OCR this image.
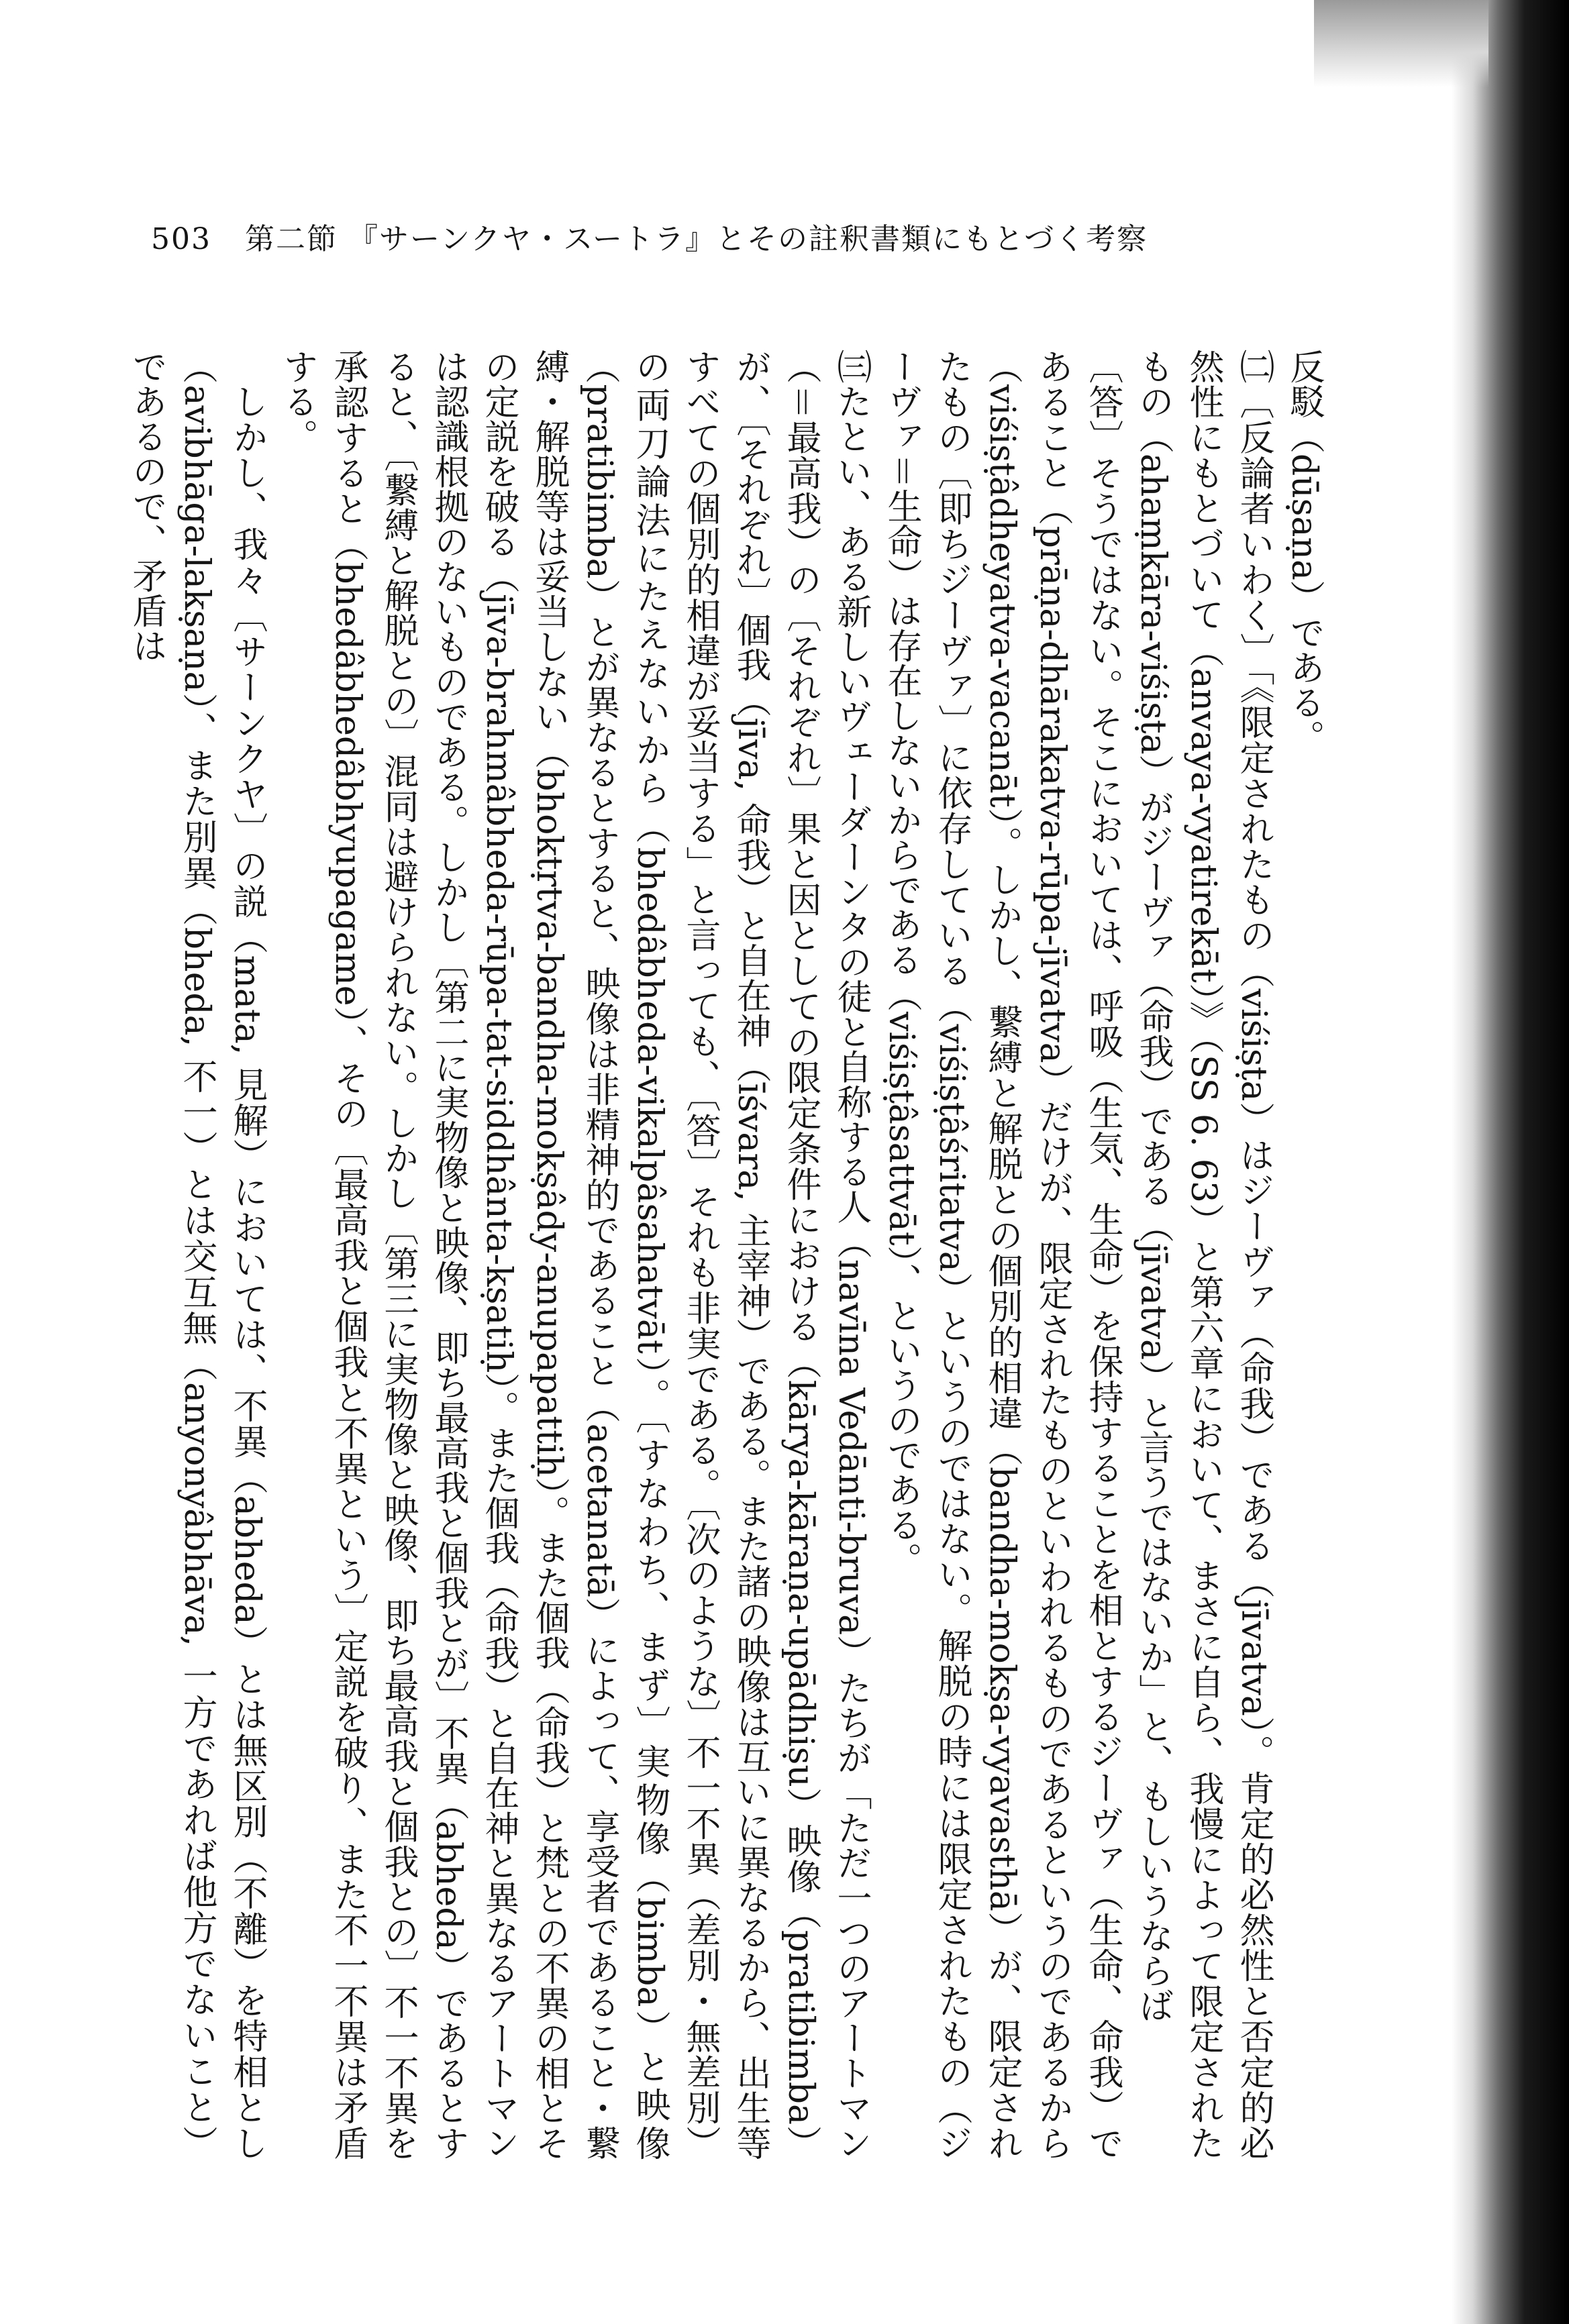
503 第二節 『サーンクヤ・スートラ』とその註釈書類にもとづく考察

反駁（dūṣaṇa）である。

㈡〔反論者いわく〕「《限定されたもの（viśiṣṭa）はジーヴァ（命我）である（jīvatva）。肯定的必然性と否定的必然性にもとづいて（anvaya-vyatirekāt）》（SS 6. 63）と第六章において、まさに自ら、我慢によって限定されたもの（ahaṃkāra-viśiṣṭa）がジーヴァ（命我）である（jīvatva）と言うではないか」と、もしいうならば

〔答〕そうではない。そこにおいては、呼吸（生気、生命）を保持することを相とするジーヴァ（生命、命我）であること（prāṇa-dhārakatva-rūpa-jīvatva）だけが、限定されたものといわれるものであるというのであるから（viśiṣṭâdheyatva-vacanāt）。しかし、繋縛と解脱との個別的相違（bandha-mokṣa-vyavasthā）が、限定されたもの〔即ちジーヴァ〕に依存している（viśiṣṭâśritatva）というのではない。解脱の時には限定されたもの（ジーヴァ＝生命）は存在しないからである（viśiṣṭâsattvāt）、というのである。

㈢たとい、ある新しいヴェーダーンタの徒と自称する人（navīna Vedānti-bruva）たちが「ただ一つのアートマン（＝最高我）の〔それぞれ〕果と因としての限定条件における（kārya-kāraṇa-upādhiṣu）映像（pratibimba）が、〔それぞれ〕個我（jīva, 命我）と自在神（īśvara, 主宰神）である。また諸の映像は互いに異なるから、出生等すべての個別的相違が妥当する」と言っても、〔答〕それも非実である。〔次のような〕不一不異（差別・無差別）の両刀論法にたえないから（bhedâbheda-vikalpâsahatvāt）。〔すなわち、まず〕実物像（bimba）と映像（pratibimba）とが異なるとすると、映像は非精神的であること（acetanatā）によって、享受者であること・繋縛・解脱等は妥当しない（bhoktṛtva-bandha-mokṣâdy-anupapattiḥ）。また個我（命我）と梵との不異の相とその定説を破る（jīva-brahmâbheda-rūpa-tat-siddhânta-kṣatiḥ）。また個我（命我）と自在神と異なるアートマンは認識根拠のないものである。しかし〔第二に実物像と映像、即ち最高我と個我とが〕不異（abheda）であるとすると、〔繋縛と解脱との〕混同は避けられない。しかし〔第三に実物像と映像、即ち最高我と個我との〕不一不異を承認すると（bhedâbhedâbhyupagame）、その〔最高我と個我と不異という〕定説を破り、また不一不異は矛盾する。

しかし、我々〔サーンクヤ〕の説（mata, 見解）においては、不異（abheda）とは無区別（不離）を特相とし（avibhāga-lakṣaṇa）、また別異（bheda, 不一）とは交互無（anyonyâbhāva, 一方であれば他方でないこと）であるので、矛盾は
